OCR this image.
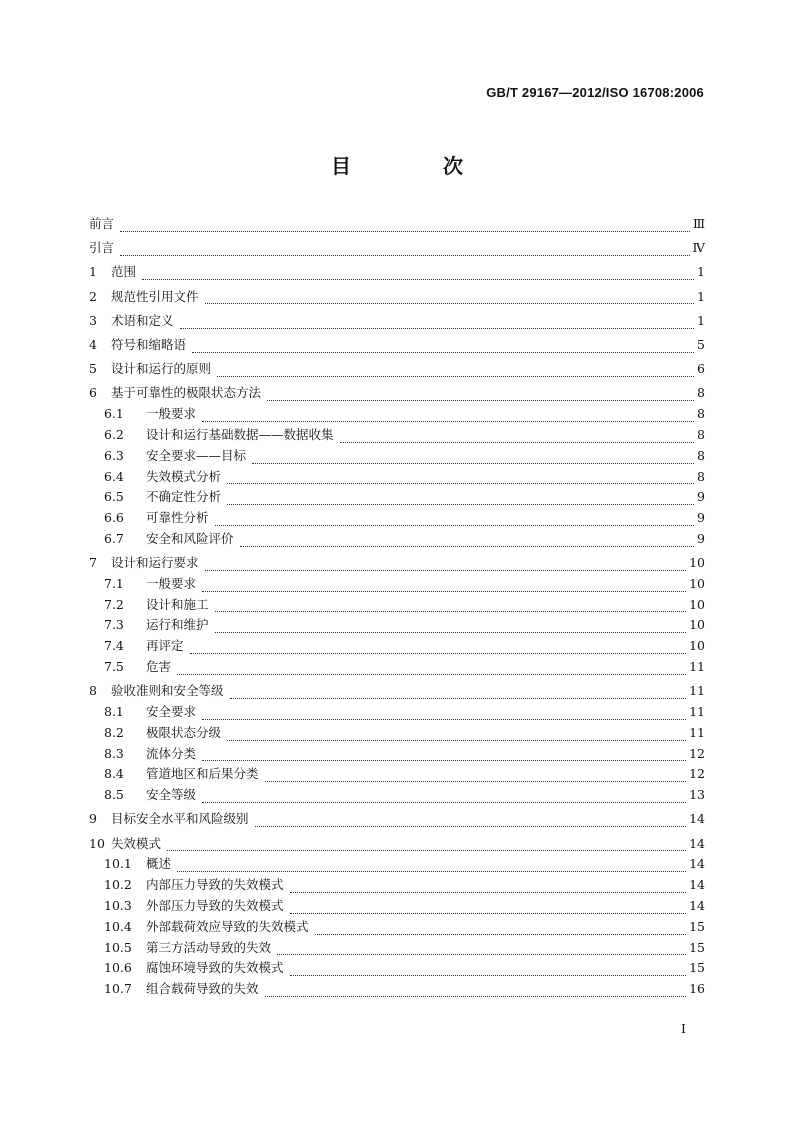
GB/T 29167—2012/ISO 16708:2006
目　次
前言	Ⅲ
引言	Ⅳ
1	范围	1
2	规范性引用文件	1
3	术语和定义	1
4	符号和缩略语	5
5	设计和运行的原则	6
6	基于可靠性的极限状态方法	8
6.1	一般要求	8
6.2	设计和运行基础数据——数据收集	8
6.3	安全要求——目标	8
6.4	失效模式分析	8
6.5	不确定性分析	9
6.6	可靠性分析	9
6.7	安全和风险评价	9
7	设计和运行要求	10
7.1	一般要求	10
7.2	设计和施工	10
7.3	运行和维护	10
7.4	再评定	10
7.5	危害	11
8	验收准则和安全等级	11
8.1	安全要求	11
8.2	极限状态分级	11
8.3	流体分类	12
8.4	管道地区和后果分类	12
8.5	安全等级	13
9	目标安全水平和风险级别	14
10 失效模式	14
10.1	概述	14
10.2	内部压力导致的失效模式	14
10.3	外部压力导致的失效模式	14
10.4	外部载荷效应导致的失效模式	15
10.5	第三方活动导致的失效	15
10.6	腐蚀环境导致的失效模式	15
10.7	组合载荷导致的失效	16
Ⅰ
